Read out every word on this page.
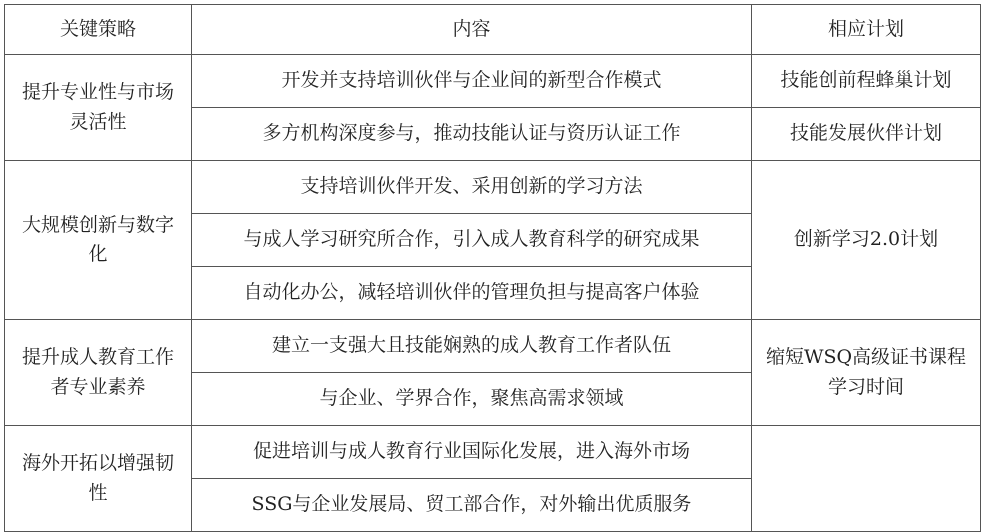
关键策略	内容	相应计划
提升专业性与市场灵活性	开发并支持培训伙伴与企业间的新型合作模式	技能创前程蜂巢计划
	多方机构深度参与，推动技能认证与资历认证工作	技能发展伙伴计划
大规模创新与数字化	支持培训伙伴开发、采用创新的学习方法	创新学习2.0计划
	与成人学习研究所合作，引入成人教育科学的研究成果	
	自动化办公，减轻培训伙伴的管理负担与提高客户体验	
提升成人教育工作者专业素养	建立一支强大且技能娴熟的成人教育工作者队伍	缩短WSQ高级证书课程学习时间
	与企业、学界合作，聚焦高需求领域	
海外开拓以增强韧性	促进培训与成人教育行业国际化发展，进入海外市场	
	SSG与企业发展局、贸工部合作，对外输出优质服务	
